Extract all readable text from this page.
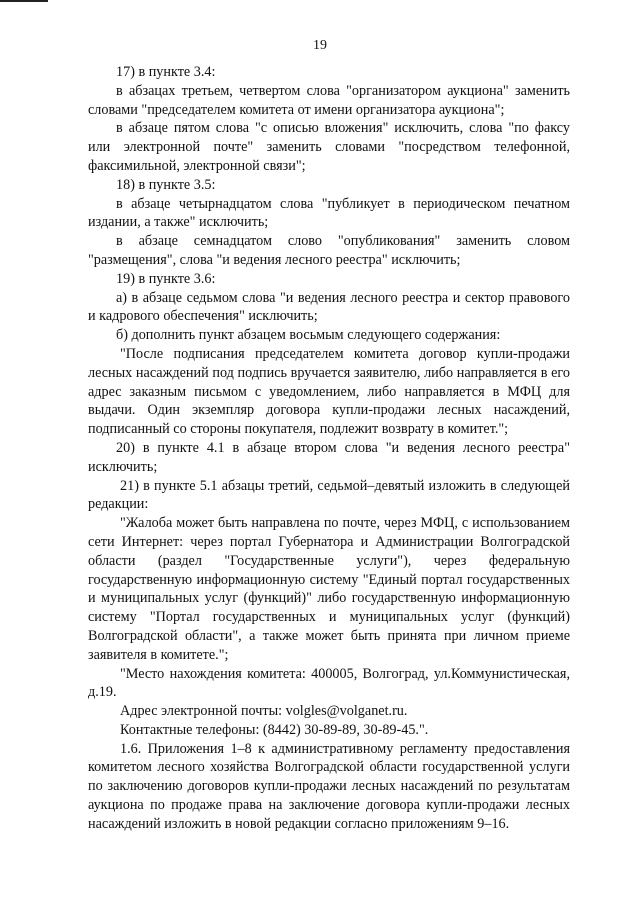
19

17) в пункте 3.4:

в абзацах третьем, четвертом слова "организатором аукциона" заменить словами "председателем комитета от имени организатора аукциона";

в абзаце пятом слова "с описью вложения" исключить, слова "по факсу или электронной почте" заменить словами "посредством телефонной, факсимильной, электронной связи";

18) в пункте 3.5:

в абзаце четырнадцатом слова "публикует в периодическом печатном издании, а также" исключить;

в абзаце семнадцатом слово "опубликования" заменить словом "размещения", слова "и ведения лесного реестра" исключить;

19) в пункте 3.6:

а) в абзаце седьмом слова "и ведения лесного реестра и сектор правового и кадрового обеспечения" исключить;

б) дополнить пункт абзацем восьмым следующего содержания:

"После подписания председателем комитета договор купли-продажи лесных насаждений под подпись вручается заявителю, либо направляется в его адрес заказным письмом с уведомлением, либо направляется в МФЦ для выдачи. Один экземпляр договора купли-продажи лесных насаждений, подписанный со стороны покупателя, подлежит возврату в комитет.";

20) в пункте 4.1 в абзаце втором слова "и ведения лесного реестра" исключить;

21) в пункте 5.1 абзацы третий, седьмой–девятый изложить в следующей редакции:

"Жалоба может быть направлена по почте, через МФЦ, с использованием сети Интернет: через портал Губернатора и Администрации Волгоградской области (раздел "Государственные услуги"), через федеральную государственную информационную систему "Единый портал государственных и муниципальных услуг (функций)" либо государственную информационную систему "Портал государственных и муниципальных услуг (функций) Волгоградской области", а также может быть принята при личном приеме заявителя в комитете.";

"Место нахождения комитета: 400005, Волгоград, ул.Коммунистическая, д.19.

Адрес электронной почты: volgles@volganet.ru.

Контактные телефоны: (8442) 30-89-89, 30-89-45.".

1.6. Приложения 1–8 к административному регламенту предоставления комитетом лесного хозяйства Волгоградской области государственной услуги по заключению договоров купли-продажи лесных насаждений по результатам аукциона по продаже права на заключение договора купли-продажи лесных насаждений изложить в новой редакции согласно приложениям 9–16.
